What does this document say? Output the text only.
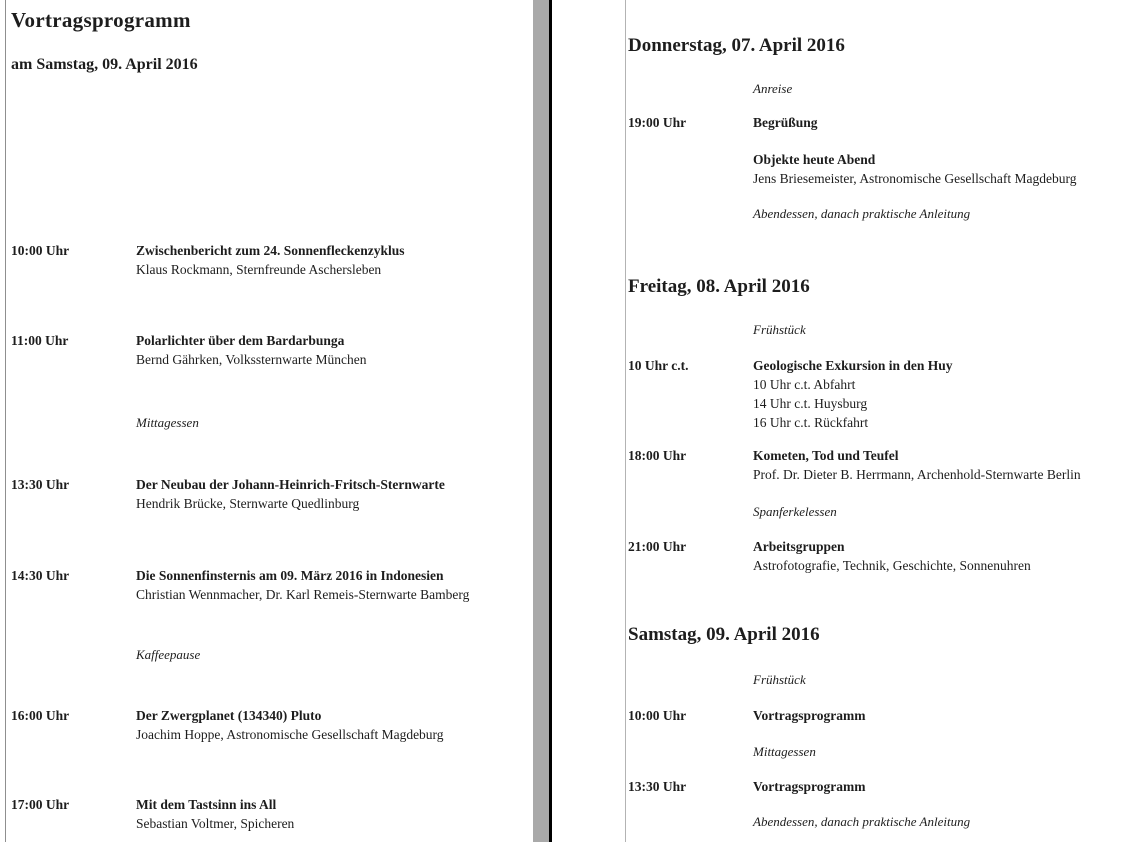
Vortragsprogramm
am Samstag, 09. April 2016
10:00 Uhr	Zwischenbericht zum 24. Sonnenfleckenzyklus
Klaus Rockmann, Sternfreunde Aschersleben
11:00 Uhr	Polarlichter über dem Bardarbunga
Bernd Gährken, Volkssternwarte München
Mittagessen
13:30 Uhr	Der Neubau der Johann-Heinrich-Fritsch-Sternwarte
Hendrik Brücke, Sternwarte Quedlinburg
14:30 Uhr	Die Sonnenfinsternis am 09. März 2016 in Indonesien
Christian Wennmacher, Dr. Karl Remeis-Sternwarte Bamberg
Kaffeepause
16:00 Uhr	Der Zwergplanet (134340) Pluto
Joachim Hoppe, Astronomische Gesellschaft Magdeburg
17:00 Uhr	Mit dem Tastsinn ins All
Sebastian Voltmer, Spicheren
Donnerstag, 07. April 2016
Anreise
19:00 Uhr	Begrüßung
Objekte heute Abend
Jens Briesemeister, Astronomische Gesellschaft Magdeburg
Abendessen, danach praktische Anleitung
Freitag, 08. April 2016
Frühstück
10 Uhr c.t.	Geologische Exkursion in den Huy
10 Uhr c.t. Abfahrt
14 Uhr c.t. Huysburg
16 Uhr c.t. Rückfahrt
18:00 Uhr	Kometen, Tod und Teufel
Prof. Dr. Dieter B. Herrmann, Archenhold-Sternwarte Berlin
Spanferkelessen
21:00 Uhr	Arbeitsgruppen
Astrofotografie, Technik, Geschichte, Sonnenuhren
Samstag, 09. April 2016
Frühstück
10:00 Uhr	Vortragsprogramm
Mittagessen
13:30 Uhr	Vortragsprogramm
Abendessen, danach praktische Anleitung
